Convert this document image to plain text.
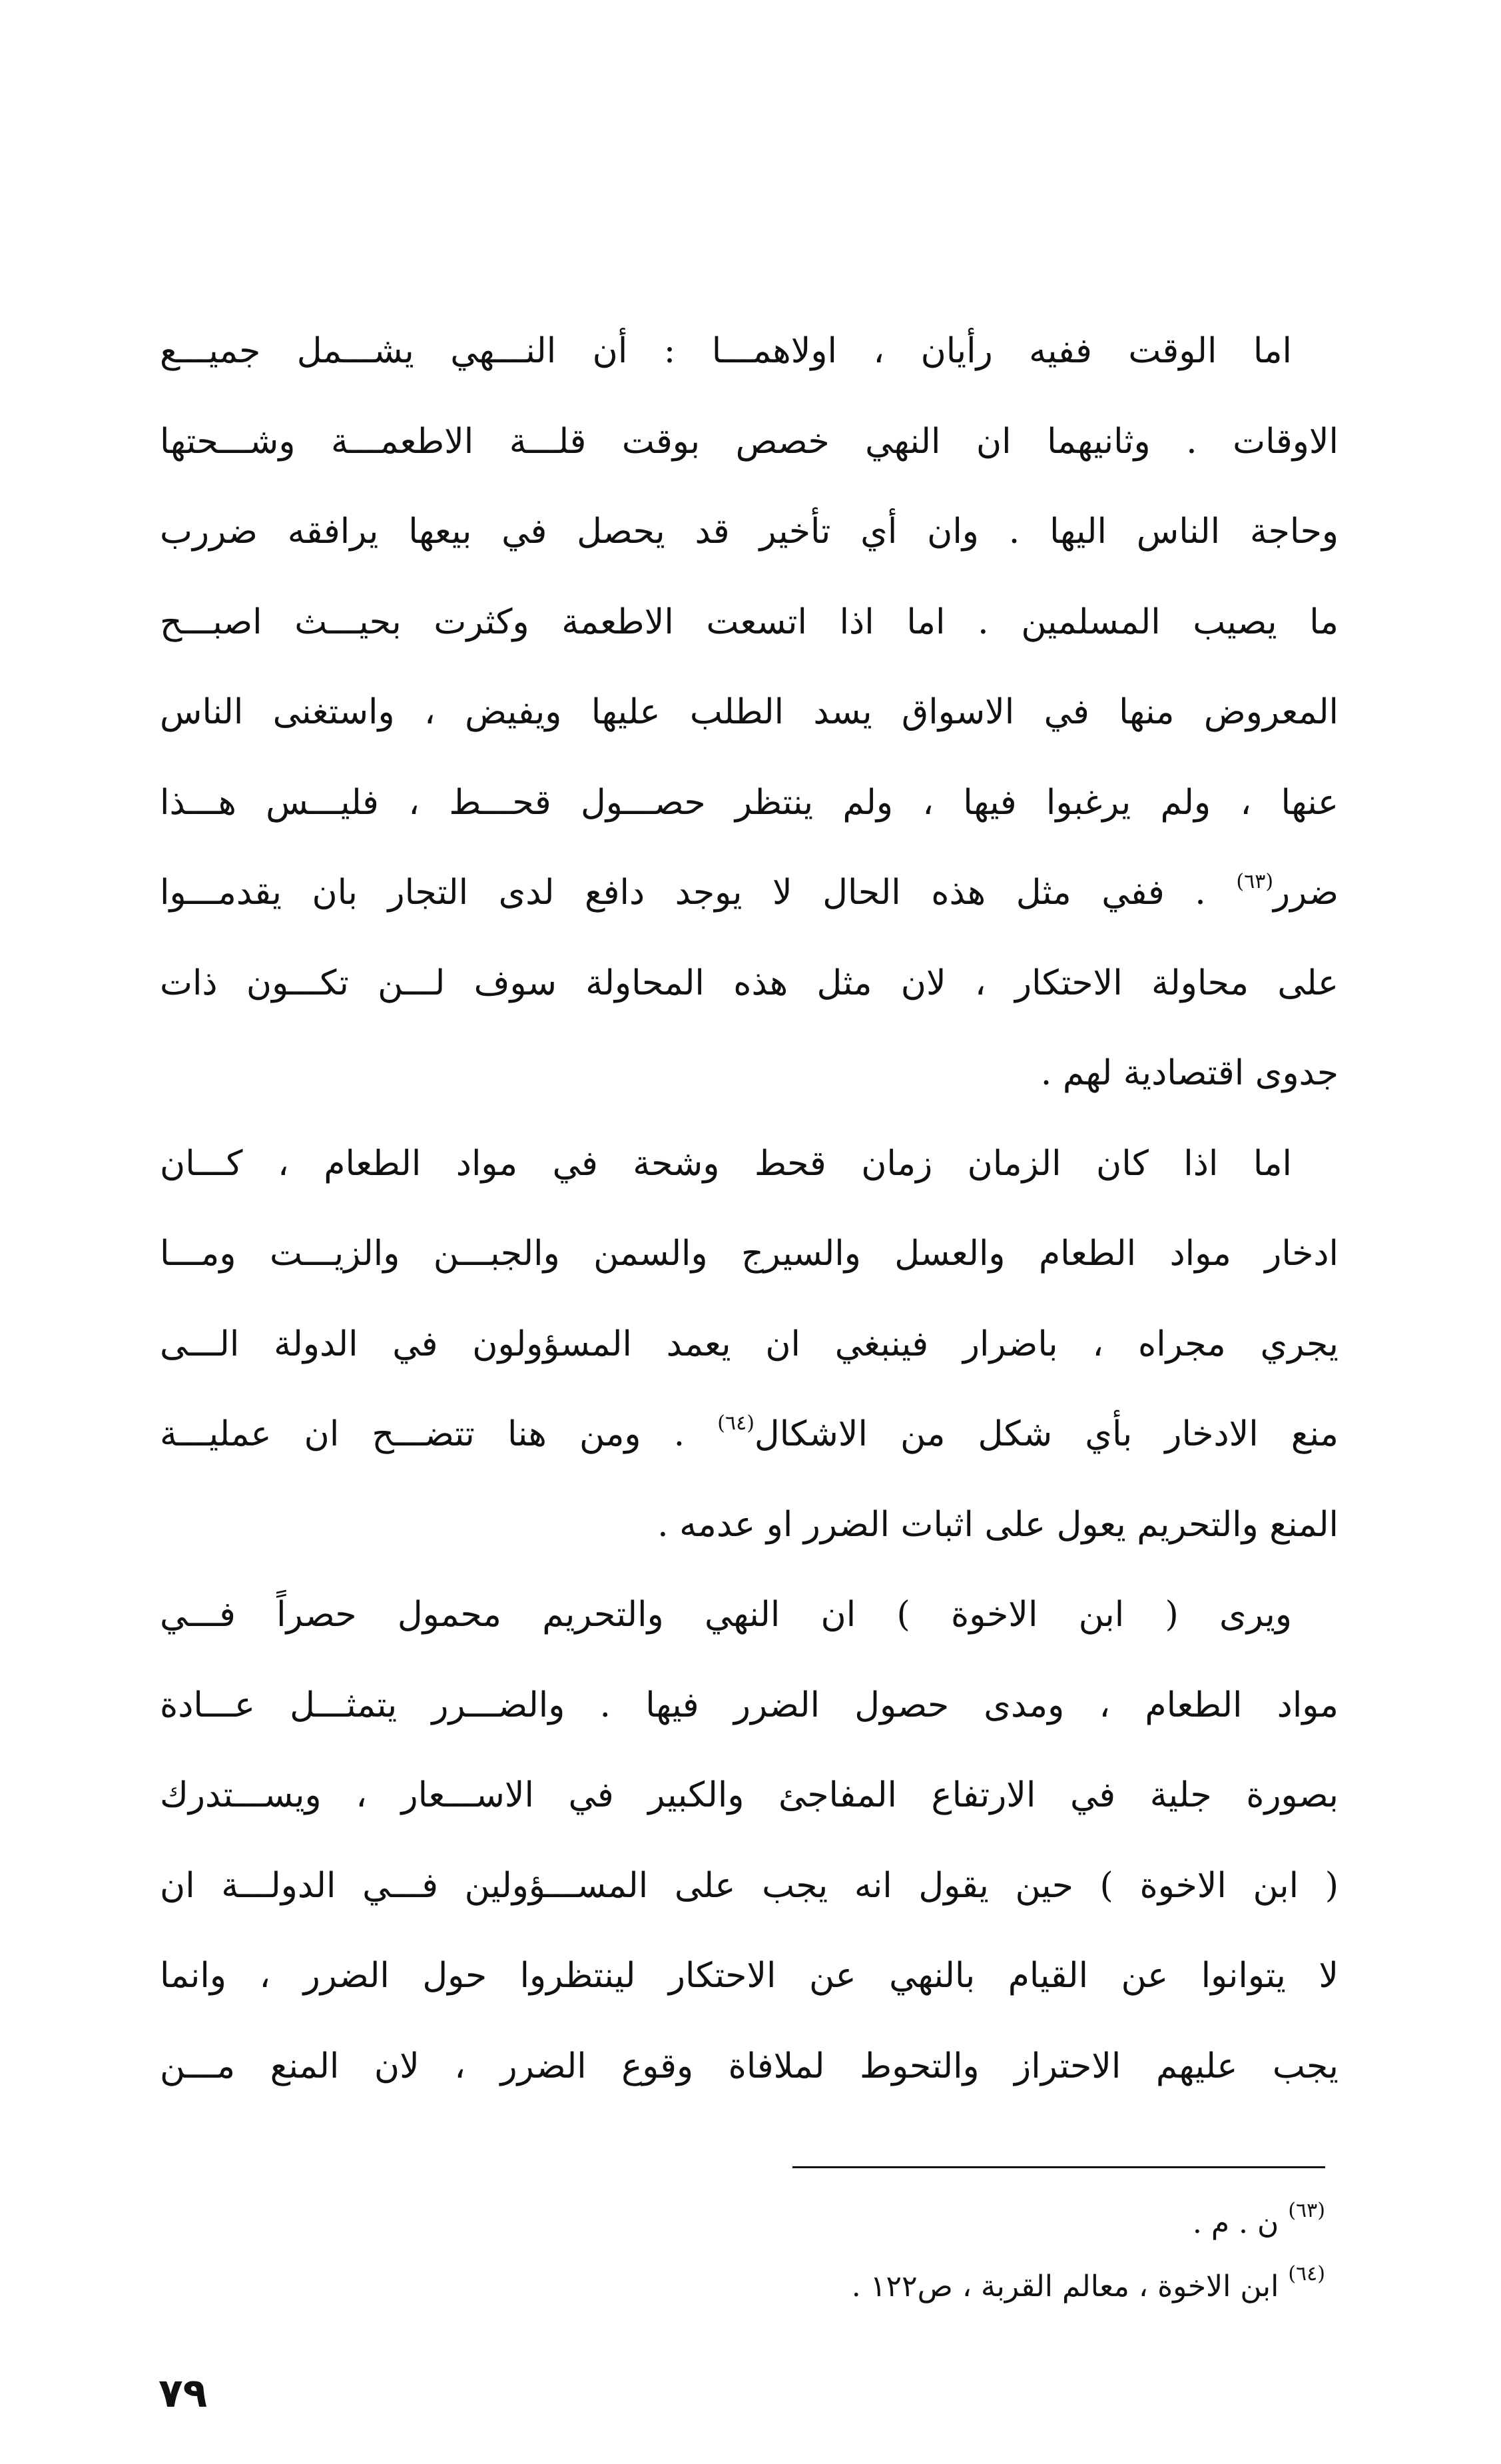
اما الوقت ففيه رأيان ، اولاهمـــا : أن النـــهي يشـــمل جميـــع
الاوقات . وثانيهما ان النهي خصص بوقت قلـــة الاطعمـــة وشـــحتها
وحاجة الناس اليها . وان أي تأخير قد يحصل في بيعها يرافقه ضررب
ما يصيب المسلمين . اما اذا اتسعت الاطعمة وكثرت بحيـــث اصبـــح
المعروض منها في الاسواق يسد الطلب عليها ويفيض ، واستغنى الناس
عنها ، ولم يرغبوا فيها ، ولم ينتظر حصـــول قحـــط ، فليـــس هـــذا
ضرر$^{(٦٣)}$ . ففي مثل هذه الحال لا يوجد دافع لدى التجار بان يقدمـــوا
على محاولة الاحتكار ، لان مثل هذه المحاولة سوف لـــن تكـــون ذات
جدوى اقتصادية لهم .
اما اذا كان الزمان زمان قحط وشحة في مواد الطعام ، كـــان
ادخار مواد الطعام والعسل والسيرج والسمن والجبـــن والزيـــت ومـــا
يجري مجراه ، باضرار فينبغي ان يعمد المسؤولون في الدولة الـــى
منع الادخار بأي شكل من الاشكال$^{(٦٤)}$ . ومن هنا تتضـــح ان عمليـــة
المنع والتحريم يعول على اثبات الضرر او عدمه .
ويرى ( ابن الاخوة ) ان النهي والتحريم محمول حصراً فـــي
مواد الطعام ، ومدى حصول الضرر فيها . والضـــرر يتمثـــل عـــادة
بصورة جلية في الارتفاع المفاجئ والكبير في الاســـعار ، ويســـتدرك
( ابن الاخوة ) حين يقول انه يجب على المســـؤولين فـــي الدولـــة ان
لا يتوانوا عن القيام بالنهي عن الاحتكار لينتظروا حول الضرر ، وانما
يجب عليهم الاحتراز والتحوط لملافاة وقوع الضرر ، لان المنع مـــن
$^{(٦٣)}$ ن . م .
$^{(٦٤)}$ ابن الاخوة ، معالم القربة ، ص١٢٢ .
٧٩
